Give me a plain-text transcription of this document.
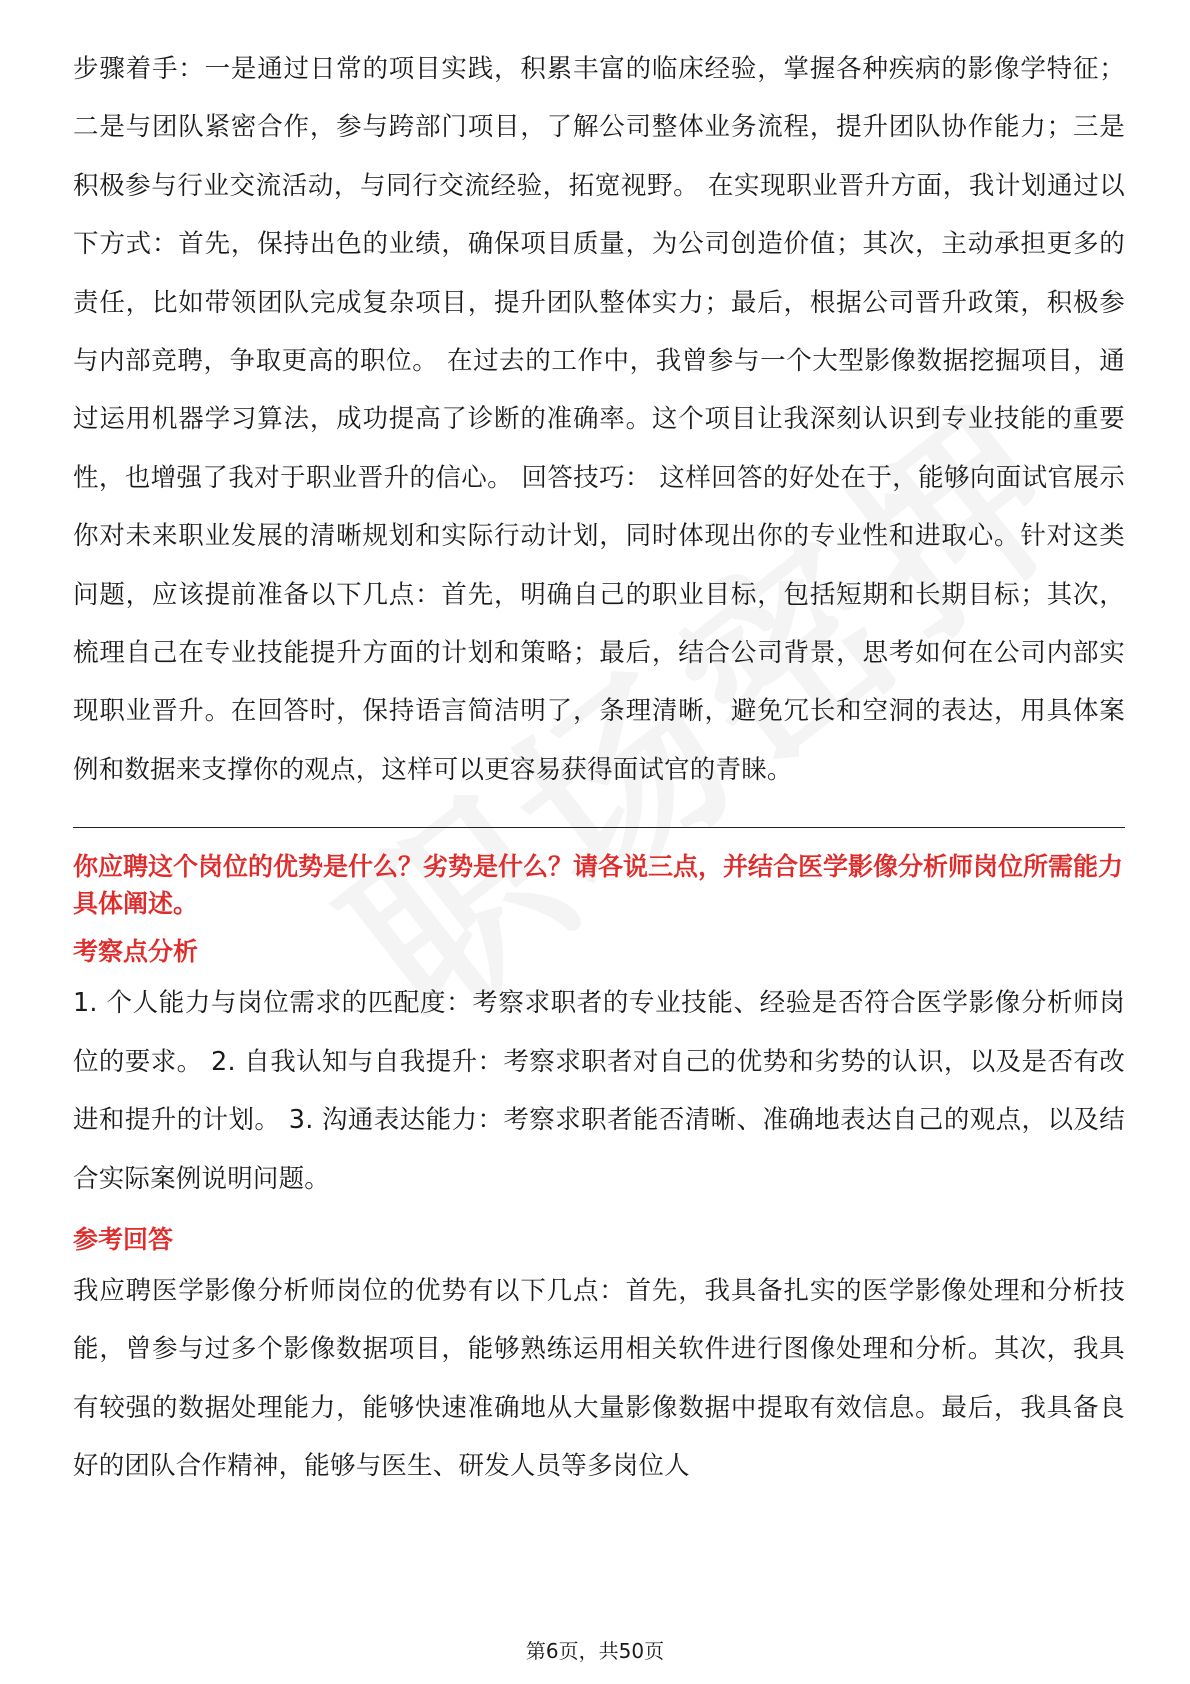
步骤着手：一是通过日常的项目实践，积累丰富的临床经验，掌握各种疾病的影像学特征；二是与团队紧密合作，参与跨部门项目，了解公司整体业务流程，提升团队协作能力；三是积极参与行业交流活动，与同行交流经验，拓宽视野。 在实现职业晋升方面，我计划通过以下方式：首先，保持出色的业绩，确保项目质量，为公司创造价值；其次，主动承担更多的责任，比如带领团队完成复杂项目，提升团队整体实力；最后，根据公司晋升政策，积极参与内部竞聘，争取更高的职位。 在过去的工作中，我曾参与一个大型影像数据挖掘项目，通过运用机器学习算法，成功提高了诊断的准确率。这个项目让我深刻认识到专业技能的重要性，也增强了我对于职业晋升的信心。 回答技巧： 这样回答的好处在于，能够向面试官展示你对未来职业发展的清晰规划和实际行动计划，同时体现出你的专业性和进取心。针对这类问题，应该提前准备以下几点：首先，明确自己的职业目标，包括短期和长期目标；其次，梳理自己在专业技能提升方面的计划和策略；最后，结合公司背景，思考如何在公司内部实现职业晋升。在回答时，保持语言简洁明了，条理清晰，避免冗长和空洞的表达，用具体案例和数据来支撑你的观点，这样可以更容易获得面试官的青睐。

你应聘这个岗位的优势是什么？劣势是什么？请各说三点，并结合医学影像分析师岗位所需能力具体阐述。

考察点分析

1. 个人能力与岗位需求的匹配度：考察求职者的专业技能、经验是否符合医学影像分析师岗位的要求。 2. 自我认知与自我提升：考察求职者对自己的优势和劣势的认识，以及是否有改进和提升的计划。 3. 沟通表达能力：考察求职者能否清晰、准确地表达自己的观点，以及结合实际案例说明问题。

参考回答

我应聘医学影像分析师岗位的优势有以下几点：首先，我具备扎实的医学影像处理和分析技能，曾参与过多个影像数据项目，能够熟练运用相关软件进行图像处理和分析。其次，我具有较强的数据处理能力，能够快速准确地从大量影像数据中提取有效信息。最后，我具备良好的团队合作精神，能够与医生、研发人员等多岗位人

第6页，共50页
